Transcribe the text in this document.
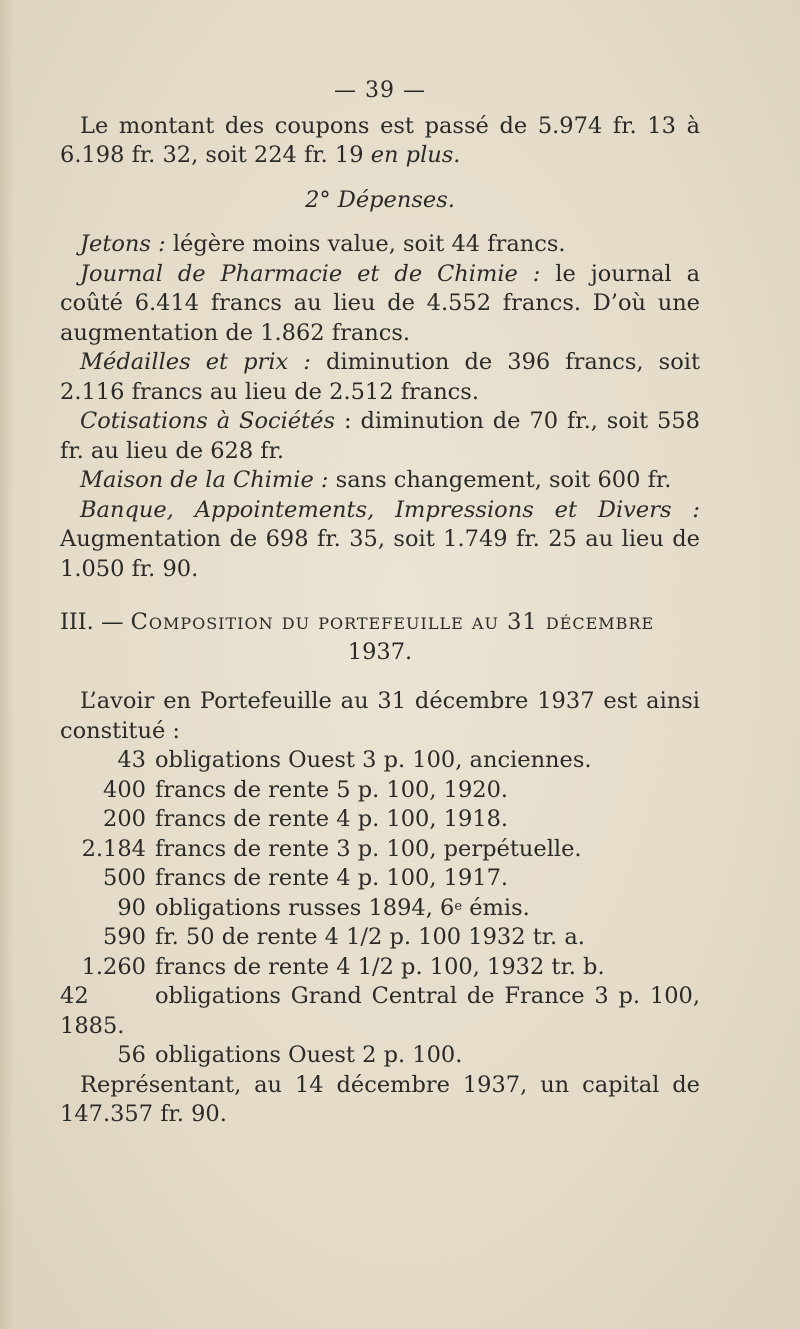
— 39 —

Le montant des coupons est passé de 5.974 fr. 13 à 6.198 fr. 32, soit 224 fr. 19 en plus.

2° Dépenses.

Jetons : légère moins value, soit 44 francs.

Journal de Pharmacie et de Chimie : le journal a coûté 6.414 francs au lieu de 4.552 francs. D’où une augmentation de 1.862 francs.

Médailles et prix : diminution de 396 francs, soit 2.116 francs au lieu de 2.512 francs.

Cotisations à Sociétés : diminution de 70 fr., soit 558 fr. au lieu de 628 fr.

Maison de la Chimie : sans changement, soit 600 fr.

Banque, Appointements, Impressions et Divers : Augmentation de 698 fr. 35, soit 1.749 fr. 25 au lieu de 1.050 fr. 90.

III. — Composition du portefeuille au 31 décembre

1937.

L’avoir en Portefeuille au 31 décembre 1937 est ainsi constitué :

43 obligations Ouest 3 p. 100, anciennes.
400 francs de rente 5 p. 100, 1920.
200 francs de rente 4 p. 100, 1918.
2.184 francs de rente 3 p. 100, perpétuelle.
500 francs de rente 4 p. 100, 1917.
90 obligations russes 1894, 6e émis.
590 fr. 50 de rente 4 1/2 p. 100 1932 tr. a.
1.260 francs de rente 4 1/2 p. 100, 1932 tr. b.

42	obligations Grand Central de France 3 p. 100, 1885.

56 obligations Ouest 2 p. 100.

Représentant, au 14 décembre 1937, un capital de 147.357 fr. 90.
